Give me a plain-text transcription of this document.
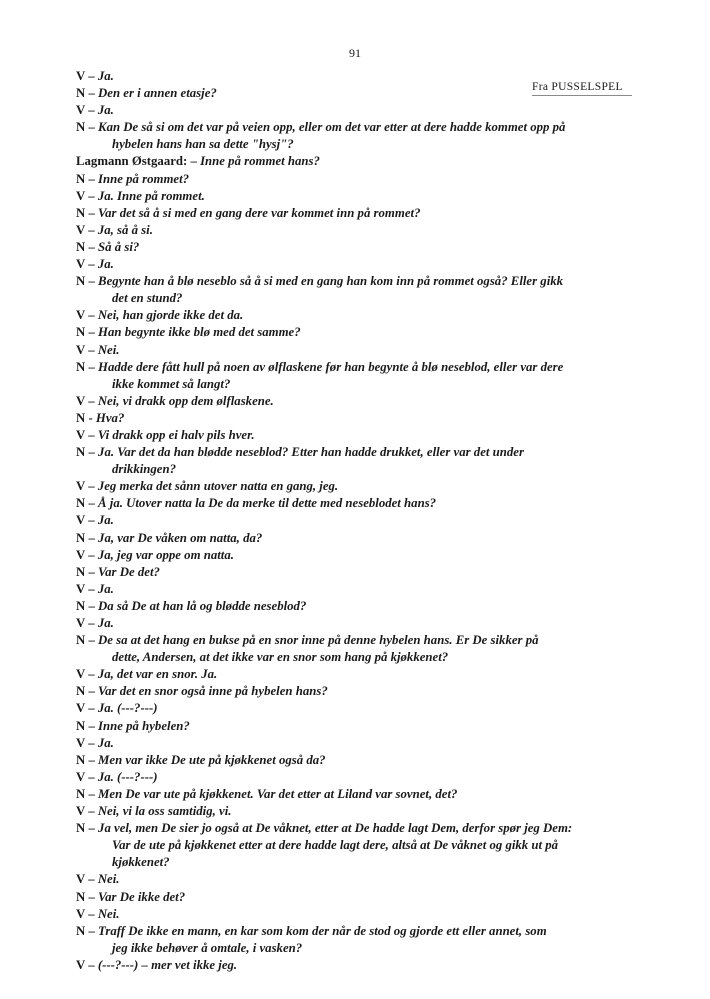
91
Fra PUSSELSPEL
V – Ja.
N – Den er i annen etasje?
V – Ja.
N – Kan De så si om det var på veien opp, eller om det var etter at dere hadde kommet opp på
hybelen hans han sa dette "hysj"?
Lagmann Østgaard: – Inne på rommet hans?
N – Inne på rommet?
V – Ja. Inne på rommet.
N – Var det så å si med en gang dere var kommet inn på rommet?
V – Ja, så å si.
N – Så å si?
V – Ja.
N – Begynte han å blø neseblo så å si med en gang han kom inn på rommet også? Eller gikk
det en stund?
V – Nei, han gjorde ikke det da.
N – Han begynte ikke blø med det samme?
V – Nei.
N – Hadde dere fått hull på noen av ølflaskene før han begynte å blø neseblod, eller var dere
ikke kommet så langt?
V – Nei, vi drakk opp dem ølflaskene.
N - Hva?
V – Vi drakk opp ei halv pils hver.
N – Ja. Var det da han blødde neseblod? Etter han hadde drukket, eller var det under
drikkingen?
V – Jeg merka det sånn utover natta en gang, jeg.
N – Å ja. Utover natta la De da merke til dette med neseblodet hans?
V – Ja.
N – Ja, var De våken om natta, da?
V – Ja, jeg var oppe om natta.
N – Var De det?
V – Ja.
N – Da så De at han lå og blødde neseblod?
V – Ja.
N – De sa at det hang en bukse på en snor inne på denne hybelen hans. Er De sikker på
dette, Andersen, at det ikke var en snor som hang på kjøkkenet?
V – Ja, det var en snor. Ja.
N – Var det en snor også inne på hybelen hans?
V – Ja. (---?---)
N – Inne på hybelen?
V – Ja.
N – Men var ikke De ute på kjøkkenet også da?
V – Ja. (---?---)
N – Men De var ute på kjøkkenet. Var det etter at Liland var sovnet, det?
V – Nei, vi la oss samtidig, vi.
N – Ja vel, men De sier jo også at De våknet, etter at De hadde lagt Dem, derfor spør jeg Dem:
Var de ute på kjøkkenet etter at dere hadde lagt dere, altså at De våknet og gikk ut på
kjøkkenet?
V – Nei.
N – Var De ikke det?
V – Nei.
N – Traff De ikke en mann, en kar som kom der når de stod og gjorde ett eller annet, som
jeg ikke behøver å omtale, i vasken?
V – (---?---) – mer vet ikke jeg.
